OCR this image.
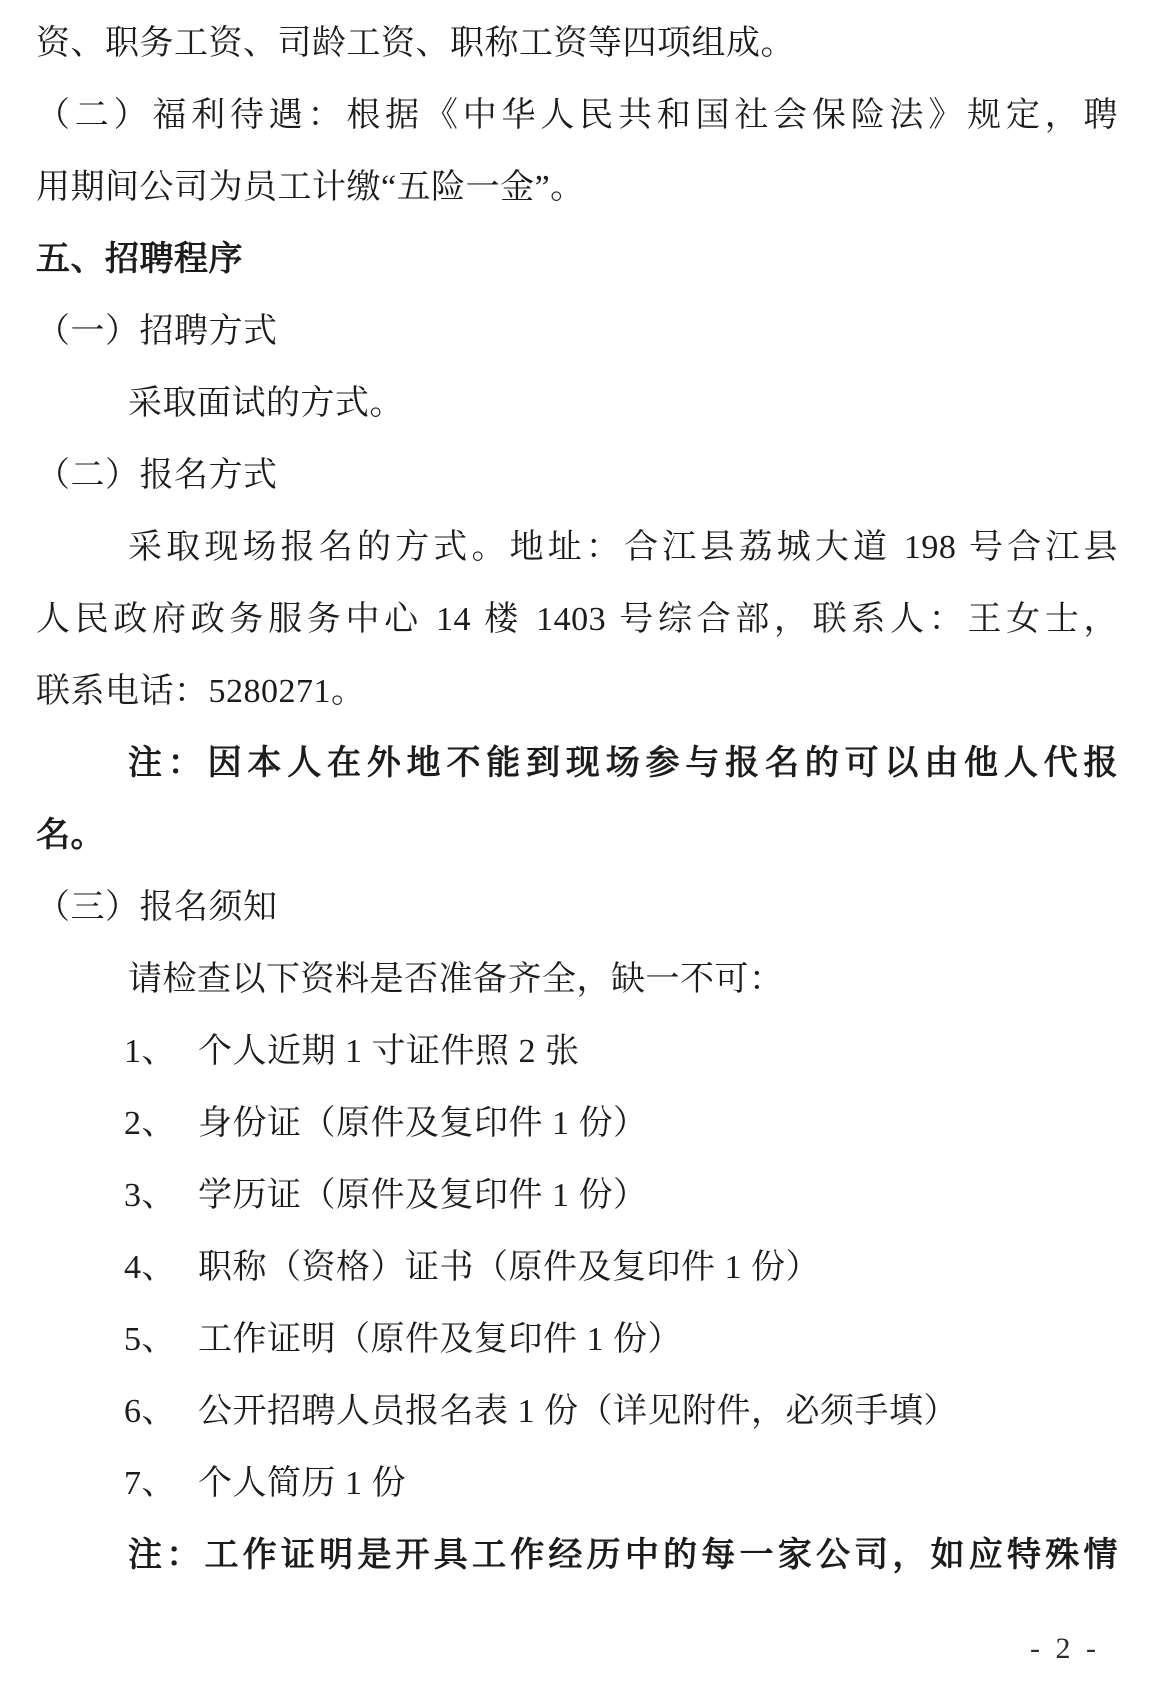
资、职务工资、司龄工资、职称工资等四项组成。
（二）福利待遇：根据《中华人民共和国社会保险法》规定，聘
用期间公司为员工计缴“五险一金”。
五、招聘程序
（一）招聘方式
采取面试的方式。
（二）报名方式
采取现场报名的方式。地址：合江县荔城大道 198 号合江县
人民政府政务服务中心 14 楼 1403 号综合部，联系人：王女士，
联系电话：5280271。
注：因本人在外地不能到现场参与报名的可以由他人代报
名。
（三）报名须知
请检查以下资料是否准备齐全，缺一不可：
1、 个人近期 1 寸证件照 2 张
2、 身份证（原件及复印件 1 份）
3、 学历证（原件及复印件 1 份）
4、 职称（资格）证书（原件及复印件 1 份）
5、 工作证明（原件及复印件 1 份）
6、 公开招聘人员报名表 1 份（详见附件，必须手填）
7、 个人简历 1 份
注：工作证明是开具工作经历中的每一家公司，如应特殊情
- 2 -
